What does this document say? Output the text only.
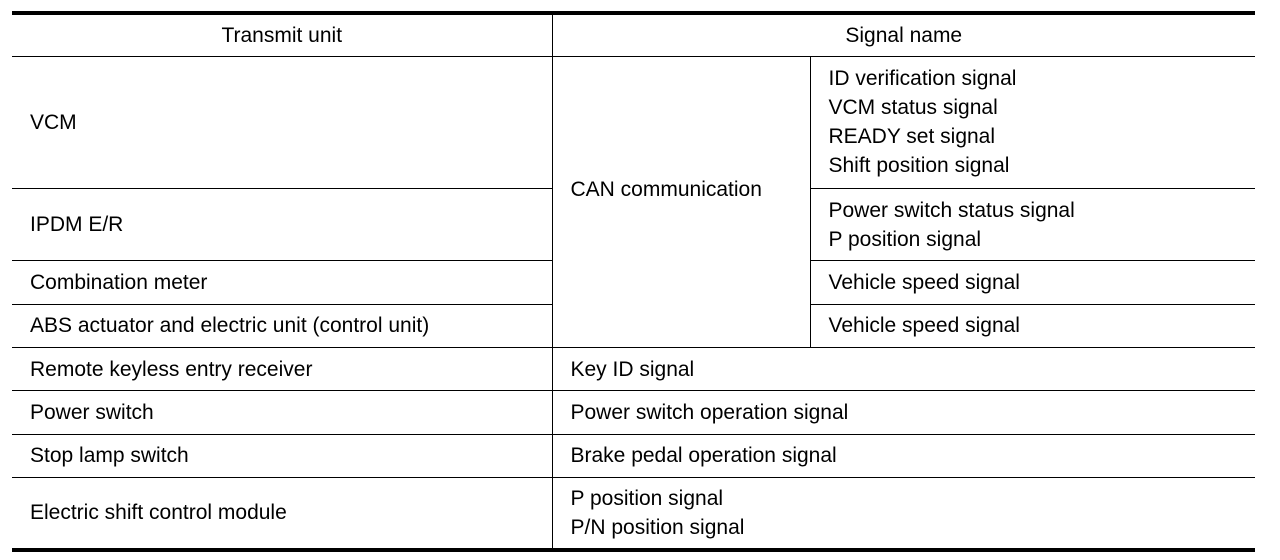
Transmit unit	Signal name	
VCM	CAN communication	ID verification signal
VCM status signal
READY set signal
Shift position signal

IPDM E/R		Power switch status signal
P position signal

Combination meter		Vehicle speed signal

ABS actuator and electric unit (control unit)		Vehicle speed signal

Remote keyless entry receiver	Key ID signal	

Power switch	Power switch operation signal	

Stop lamp switch	Brake pedal operation signal	

Electric shift control module	P position signal
P/N position signal	
